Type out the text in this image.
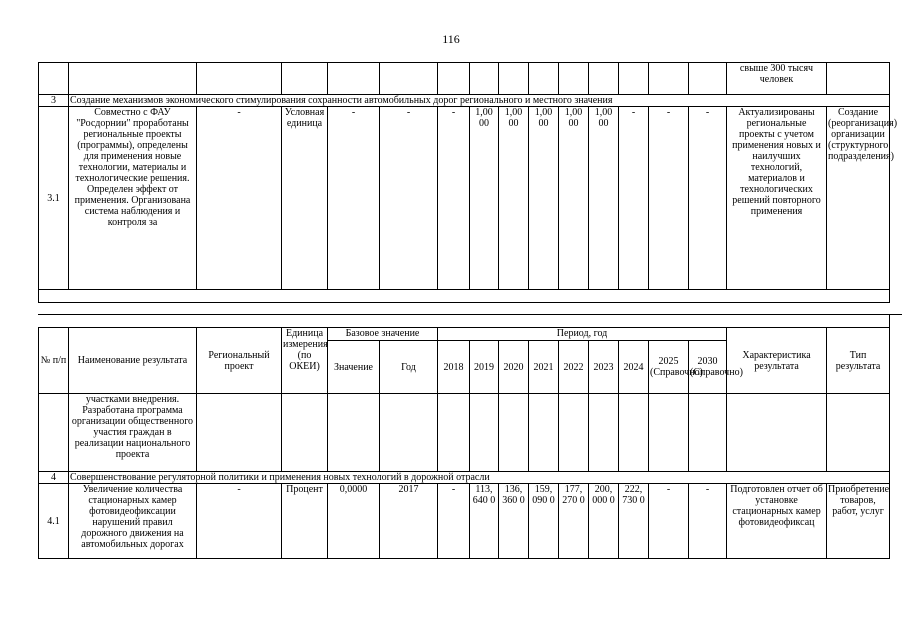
116
															свыше 300 тысяч человек	
3	Создание механизмов экономического стимулирования сохранности автомобильных дорог регионального и местного значения															
3.1	Совместно с ФАУ "Росдорнии" проработаны региональные проекты (программы), определены для применения новые технологии, материалы и технологические решения. Определен эффект от применения. Организована система наблюдения и контроля за	-	Условная единица	-	-	-	1,00 00	1,00 00	1,00 00	1,00 00	1,00 00	-	-	-	Актуализированы региональные проекты с учетом применения новых и наилучших технологий, материалов и технологических решений повторного применения	Создание (реорганизация) организации (структурного подразделения)

№ п/п	Наименование результата	Региональный проект	Единица измерения (по ОКЕИ)	Базовое значение		Период, год									Характеристика результата	Тип результата
				Значение	Год	2018	2019	2020	2021	2022	2023	2024	2025 (Справочно)	2030 (Справочно)		
	участками внедрения. Разработана программа организации общественного участия граждан в реализации национального проекта															
4	Совершенствование регуляторной политики и применения новых технологий в дорожной отрасли															
4.1	Увеличение количества стационарных камер фотовидеофиксации нарушений правил дорожного движения на автомобильных дорогах	-	Процент	0,0000	2017	-	113, 640 0	136, 360 0	159, 090 0	177, 270 0	200, 000 0	222, 730 0	-	-	Подготовлен отчет об установке стационарных камер фотовидеофиксац	Приобретение товаров, работ, услуг
